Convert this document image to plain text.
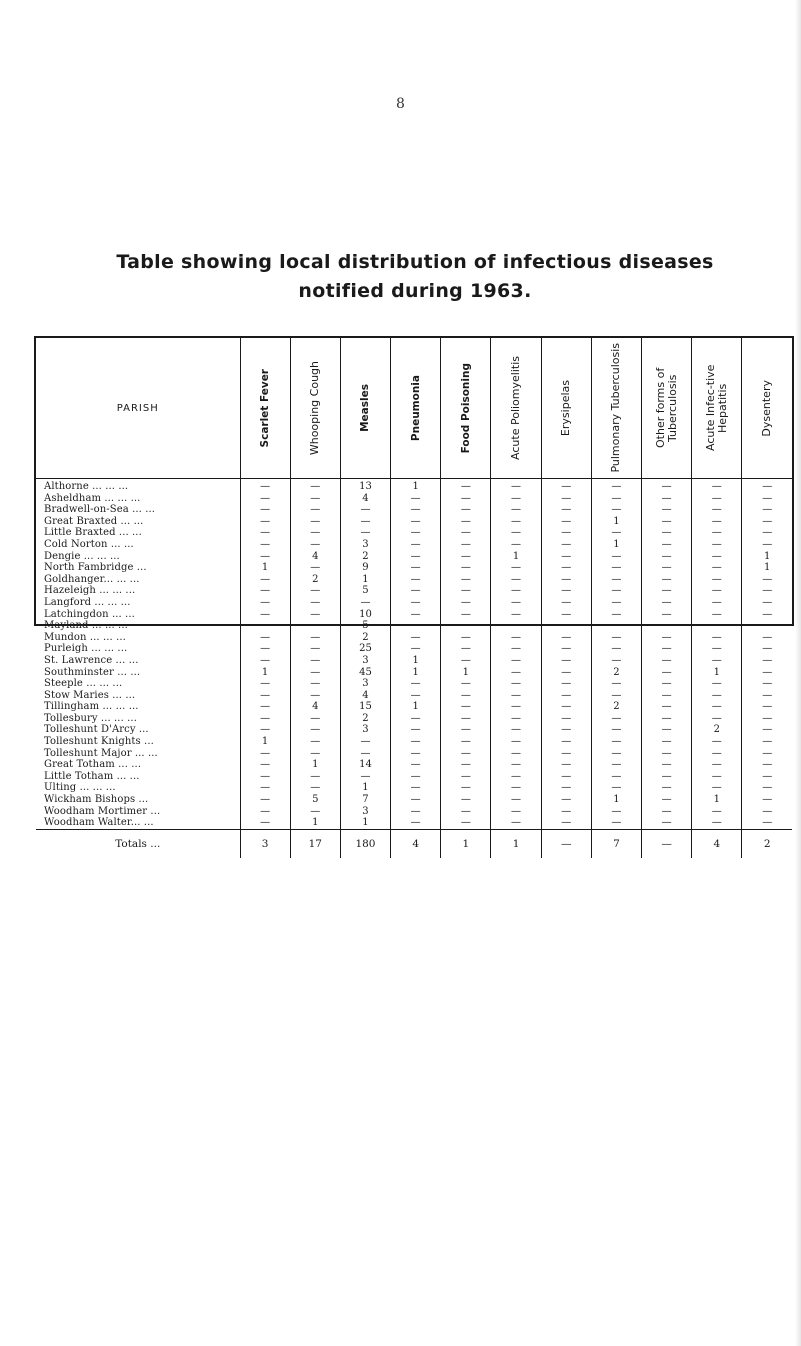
8
Table showing local distribution of infectious diseases
notified during 1963.
PARISH	Scarlet Fever	Whooping Cough	Measles	Pneumonia	Food Poisoning	Acute Poliomyelitis	Erysipelas	Pulmonary Tuberculosis	Other forms of Tuberculosis	Acute Infec-tive Hepatitis	Dysentery

Althorne ... ... ...	—	—	13	1	—	—	—	—	—	—	—
Asheldham ... ... ...	—	—	4	—	—	—	—	—	—	—	—
Bradwell-on-Sea ... ...	—	—	—	—	—	—	—	—	—	—	—
Great Braxted ... ...	—	—	—	—	—	—	—	1	—	—	—
Little Braxted ... ...	—	—	—	—	—	—	—	—	—	—	—
Cold Norton ... ...	—	—	3	—	—	—	—	1	—	—	—
Dengie ... ... ...	—	4	2	—	—	1	—	—	—	—	1
North Fambridge ...	1	—	9	—	—	—	—	—	—	—	1
Goldhanger... ... ...	—	2	1	—	—	—	—	—	—	—	—
Hazeleigh ... ... ...	—	—	5	—	—	—	—	—	—	—	—
Langford ... ... ...	—	—	—	—	—	—	—	—	—	—	—
Latchingdon ... ...	—	—	10	—	—	—	—	—	—	—	—
Mayland ... ... ...	—	—	5	—	—	—	—	—	—	—	—
Mundon ... ... ...	—	—	2	—	—	—	—	—	—	—	—
Purleigh ... ... ...	—	—	25	—	—	—	—	—	—	—	—
St. Lawrence ... ...	—	—	3	1	—	—	—	—	—	—	—
Southminster ... ...	1	—	45	1	1	—	—	2	—	1	—
Steeple ... ... ...	—	—	3	—	—	—	—	—	—	—	—
Stow Maries ... ...	—	—	4	—	—	—	—	—	—	—	—
Tillingham ... ... ...	—	4	15	1	—	—	—	2	—	—	—
Tollesbury ... ... ...	—	—	2	—	—	—	—	—	—	—	—
Tolleshunt D'Arcy ...	—	—	3	—	—	—	—	—	—	2	—
Tolleshunt Knights ...	1	—	—	—	—	—	—	—	—	—	—
Tolleshunt Major ... ...	—	—	—	—	—	—	—	—	—	—	—
Great Totham ... ...	—	1	14	—	—	—	—	—	—	—	—
Little Totham ... ...	—	—	—	—	—	—	—	—	—	—	—
Ulting ... ... ...	—	—	1	—	—	—	—	—	—	—	—
Wickham Bishops ...	—	5	7	—	—	—	—	1	—	1	—
Woodham Mortimer ...	—	—	3	—	—	—	—	—	—	—	—
Woodham Walter... ...	—	1	1	—	—	—	—	—	—	—	—
Totals ...	3	17	180	4	1	1	—	7	—	4	2
